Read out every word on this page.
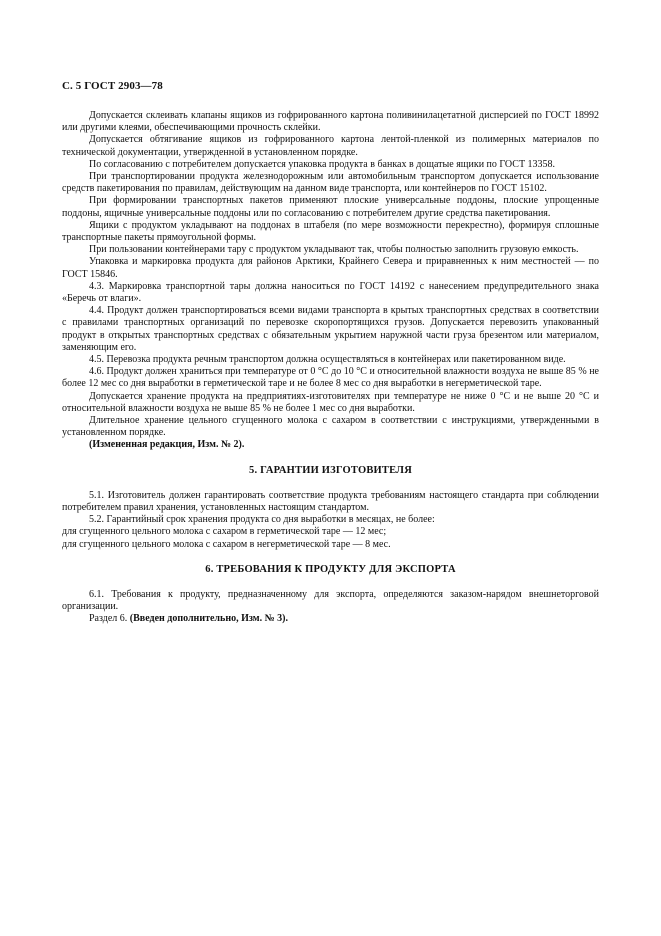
С. 5 ГОСТ 2903—78

Допускается склеивать клапаны ящиков из гофрированного картона поливинилацетатной дисперсией по ГОСТ 18992 или другими клеями, обеспечивающими прочность склейки.

Допускается обтягивание ящиков из гофрированного картона лентой-пленкой из полимерных материалов по технической документации, утвержденной в установленном порядке.

По согласованию с потребителем допускается упаковка продукта в банках в дощатые ящики по ГОСТ 13358.

При транспортировании продукта железнодорожным или автомобильным транспортом допускается использование средств пакетирования по правилам, действующим на данном виде транспорта, или контейнеров по ГОСТ 15102.

При формировании транспортных пакетов применяют плоские универсальные поддоны, плоские упрощенные поддоны, ящичные универсальные поддоны или по согласованию с потребителем другие средства пакетирования.

Ящики с продуктом укладывают на поддонах в штабеля (по мере возможности перекрестно), формируя сплошные транспортные пакеты прямоугольной формы.

При пользовании контейнерами тару с продуктом укладывают так, чтобы полностью заполнить грузовую емкость.

Упаковка и маркировка продукта для районов Арктики, Крайнего Севера и приравненных к ним местностей — по ГОСТ 15846.

4.3. Маркировка транспортной тары должна наноситься по ГОСТ 14192 с нанесением предупредительного знака «Беречь от влаги».

4.4. Продукт должен транспортироваться всеми видами транспорта в крытых транспортных средствах в соответствии с правилами транспортных организаций по перевозке скоропортящихся грузов. Допускается перевозить упакованный продукт в открытых транспортных средствах с обязательным укрытием наружной части груза брезентом или материалом, заменяющим его.

4.5. Перевозка продукта речным транспортом должна осуществляться в контейнерах или пакетированном виде.

4.6. Продукт должен храниться при температуре от 0 °С до 10 °С и относительной влажности воздуха не выше 85 % не более 12 мес со дня выработки в герметической таре и не более 8 мес со дня выработки в негерметической таре.

Допускается хранение продукта на предприятиях-изготовителях при температуре не ниже 0 °С и не выше 20 °С и относительной влажности воздуха не выше 85 % не более 1 мес со дня выработки.

Длительное хранение цельного сгущенного молока с сахаром в соответствии с инструкциями, утвержденными в установленном порядке.

(Измененная редакция, Изм. № 2).

5. ГАРАНТИИ ИЗГОТОВИТЕЛЯ

5.1. Изготовитель должен гарантировать соответствие продукта требованиям настоящего стандарта при соблюдении потребителем правил хранения, установленных настоящим стандартом.

5.2. Гарантийный срок хранения продукта со дня выработки в месяцах, не более:

для сгущенного цельного молока с сахаром в герметической таре — 12 мес;

для сгущенного цельного молока с сахаром в негерметической таре — 8 мес.

6. ТРЕБОВАНИЯ К ПРОДУКТУ ДЛЯ ЭКСПОРТА

6.1. Требования к продукту, предназначенному для экспорта, определяются заказом-нарядом внешнеторговой организации.

Раздел 6. (Введен дополнительно, Изм. № 3).
